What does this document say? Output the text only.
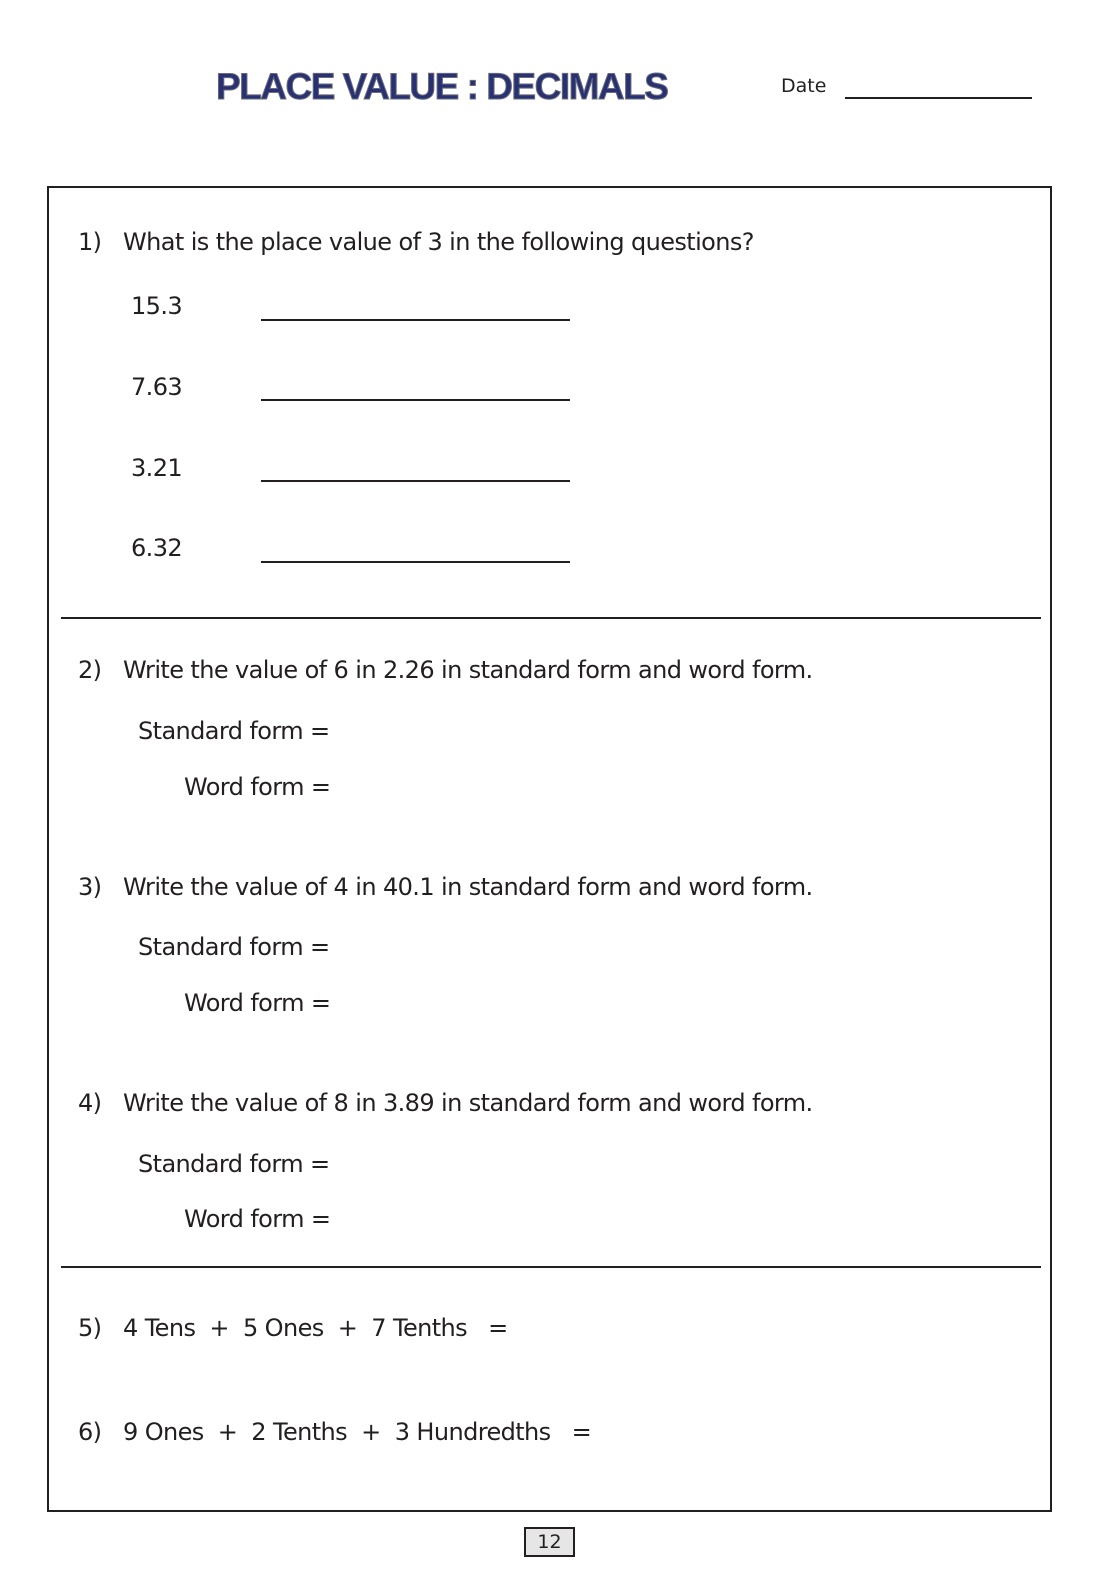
PLACE VALUE : DECIMALS	Date
1) What is the place value of 3 in the following questions?
15.3
7.63
3.21
6.32
2) Write the value of 6 in 2.26 in standard form and word form.
Standard form =
Word form =
3) Write the value of 4 in 40.1 in standard form and word form.
Standard form =
Word form =
4) Write the value of 8 in 3.89 in standard form and word form.
Standard form =
Word form =
5) 4 Tens  +  5 Ones  +  7 Tenths   =
6) 9 Ones  +  2 Tenths  +  3 Hundredths   =
12
